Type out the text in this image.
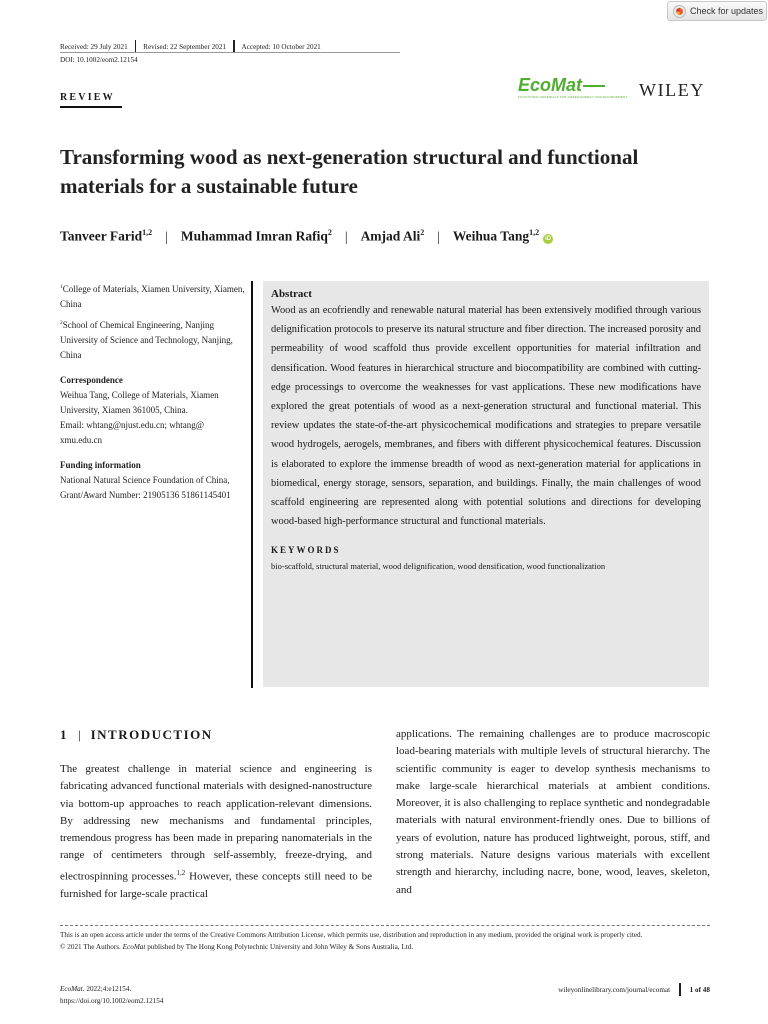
Check for updates
Received: 29 July 2021 Revised: 22 September 2021 Accepted: 10 October 2021
DOI: 10.1002/eom2.12154
REVIEW
EcoMat
FUNCTIONAL MATERIALS FOR GREEN ENERGY AND ENVIRONMENT WILEY
Transforming wood as next-generation structural and functional materials for a sustainable future
Tanveer Farid$^{1,2}$ | Muhammad Imran Rafiq$^2$ | Amjad Ali$^2$ | Weihua Tang$^{1,2}$
iD

$^1$College of Materials, Xiamen University, Xiamen, China

$^2$School of Chemical Engineering, Nanjing University of Science and Technology, Nanjing, China

Correspondence
Weihua Tang, College of Materials, Xiamen University, Xiamen 361005, China.
Email: whtang@njust.edu.cn; whtang@ xmu.edu.cn
Funding information
National Natural Science Foundation of China, Grant/Award Number: 21905136 51861145401
Abstract
Wood as an ecofriendly and renewable natural material has been extensively modified through various delignification protocols to preserve its natural structure and fiber direction. The increased porosity and permeability of wood scaffold thus provide excellent opportunities for material infiltration and densification. Wood features in hierarchical structure and biocompatibility are combined with cutting-edge processings to overcome the weaknesses for vast applications. These new modifications have explored the great potentials of wood as a next-generation structural and functional material. This review updates the state-of-the-art physicochemical modifications and strategies to prepare versatile wood hydrogels, aerogels, membranes, and fibers with different physicochemical features. Discussion is elaborated to explore the immense breadth of wood as next-generation material for applications in biomedical, energy storage, sensors, separation, and buildings. Finally, the main challenges of wood scaffold engineering are represented along with potential solutions and directions for developing wood-based high-performance structural and functional materials.
KEYWORDS
bio-scaffold, structural material, wood delignification, wood densification, wood functionalization
1 | INTRODUCTION
The greatest challenge in material science and engineering is fabricating advanced functional materials with designed-nanostructure via bottom-up approaches to reach application-relevant dimensions. By addressing new mechanisms and fundamental principles, tremendous progress has been made in preparing nanomaterials in the range of centimeters through self-assembly, freeze-drying, and electrospinning processes.$^{1,2}$ However, these concepts still need to be furnished for large-scale practical
applications. The remaining challenges are to produce macroscopic load-bearing materials with multiple levels of structural hierarchy. The scientific community is eager to develop synthesis mechanisms to make large-scale hierarchical materials at ambient conditions. Moreover, it is also challenging to replace synthetic and nondegradable materials with natural environment-friendly ones. Due to billions of years of evolution, nature has produced lightweight, porous, stiff, and strong materials. Nature designs various materials with excellent strength and hierarchy, including nacre, bone, wood, leaves, skeleton, and
This is an open access article under the terms of the Creative Commons Attribution License, which permits use, distribution and reproduction in any medium, provided the original work is properly cited.
© 2021 The Authors. EcoMat published by The Hong Kong Polytechnic University and John Wiley & Sons Australia, Ltd.
EcoMat. 2022;4:e12154.
https://doi.org/10.1002/eom2.12154
wileyonlinelibrary.com/journal/ecomat	1 of 48
